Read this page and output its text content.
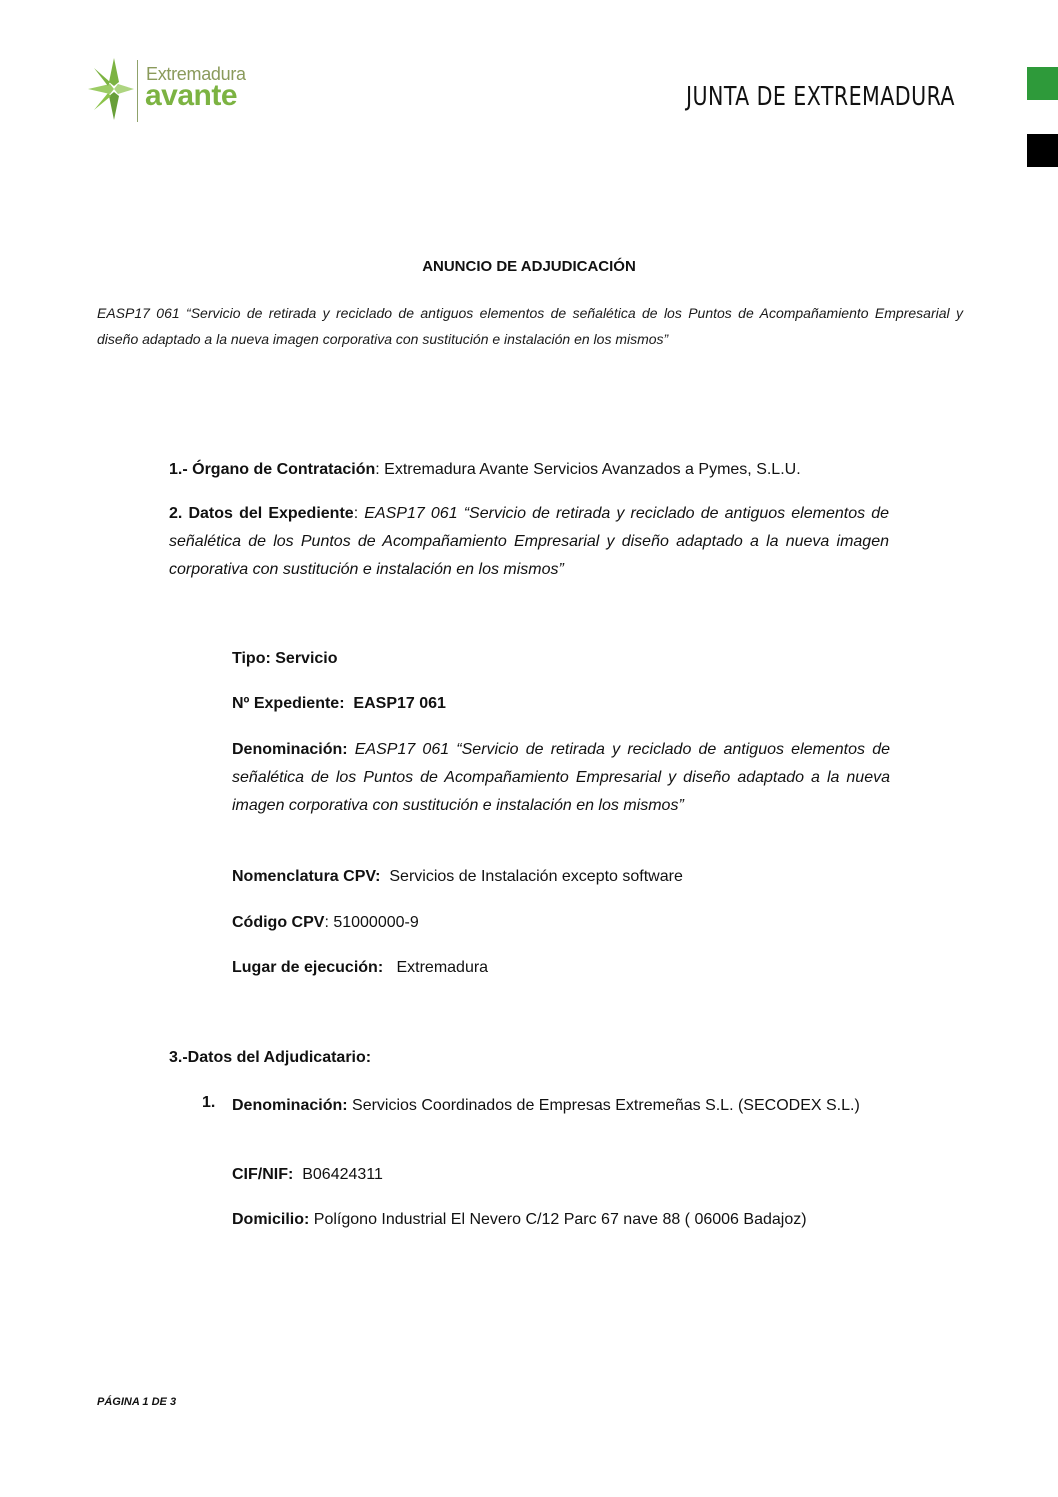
Extremadura
avante	JUNTA DE EXTREMADURA
ANUNCIO DE ADJUDICACIÓN
EASP17 061 “Servicio de retirada y reciclado de antiguos elementos de señalética de los Puntos de Acompañamiento Empresarial y diseño adaptado a la nueva imagen corporativa con sustitución e instalación en los mismos”
1.- Órgano de Contratación: Extremadura Avante Servicios Avanzados a Pymes, S.L.U.
2. Datos del Expediente: EASP17 061 “Servicio de retirada y reciclado de antiguos elementos de señalética de los Puntos de Acompañamiento Empresarial y diseño adaptado a la nueva imagen corporativa con sustitución e instalación en los mismos”
Tipo: Servicio
Nº Expediente: EASP17 061
Denominación: EASP17 061 “Servicio de retirada y reciclado de antiguos elementos de señalética de los Puntos de Acompañamiento Empresarial y diseño adaptado a la nueva imagen corporativa con sustitución e instalación en los mismos”
Nomenclatura CPV: Servicios de Instalación excepto software
Código CPV: 51000000-9
Lugar de ejecución: Extremadura
3.-Datos del Adjudicatario:
1.	Denominación: Servicios Coordinados de Empresas Extremeñas S.L. (SECODEX S.L.)
CIF/NIF: B06424311
Domicilio: Polígono Industrial El Nevero C/12 Parc 67 nave 88 ( 06006 Badajoz)
PÁGINA 1 DE 3
